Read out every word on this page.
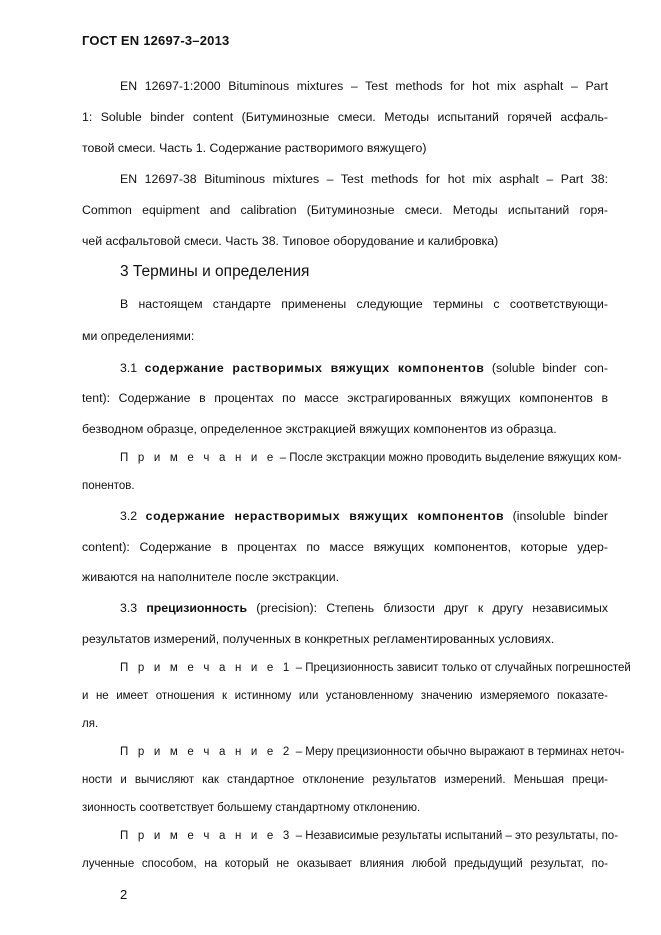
ГОСТ EN 12697-3–2013
EN 12697-1:2000 Bituminous mixtures – Test methods for hot mix asphalt – Part
1: Soluble binder content (Битуминозные смеси. Методы испытаний горячей асфаль-
товой смеси. Часть 1. Содержание растворимого вяжущего)
EN 12697-38 Bituminous mixtures – Test methods for hot mix asphalt – Part 38:
Common equipment and calibration (Битуминозные смеси. Методы испытаний горя-
чей асфальтовой смеси. Часть 38. Типовое оборудование и калибровка)
3 Термины и определения
В настоящем стандарте применены следующие термины с соответствующи-
ми определениями:
3.1 содержание растворимых вяжущих компонентов (soluble binder con-
tent): Содержание в процентах по массе экстрагированных вяжущих компонентов в
безводном образце, определенное экстракцией вяжущих компонентов из образца.
П р и м е ч а н и е – После экстракции можно проводить выделение вяжущих ком-
понентов.
3.2 содержание нерастворимых вяжущих компонентов (insoluble binder
content): Содержание в процентах по массе вяжущих компонентов, которые удер-
живаются на наполнителе после экстракции.
3.3 прецизионность (precision): Степень близости друг к другу независимых
результатов измерений, полученных в конкретных регламентированных условиях.
П р и м е ч а н и е 1 – Прецизионность зависит только от случайных погрешностей
и не имеет отношения к истинному или установленному значению измеряемого показате-
ля.
П р и м е ч а н и е 2 – Меру прецизионности обычно выражают в терминах неточ-
ности и вычисляют как стандартное отклонение результатов измерений. Меньшая преци-
зионность соответствует большему стандартному отклонению.
П р и м е ч а н и е 3 – Независимые результаты испытаний – это результаты, по-
лученные способом, на который не оказывает влияния любой предыдущий результат, по-
2
